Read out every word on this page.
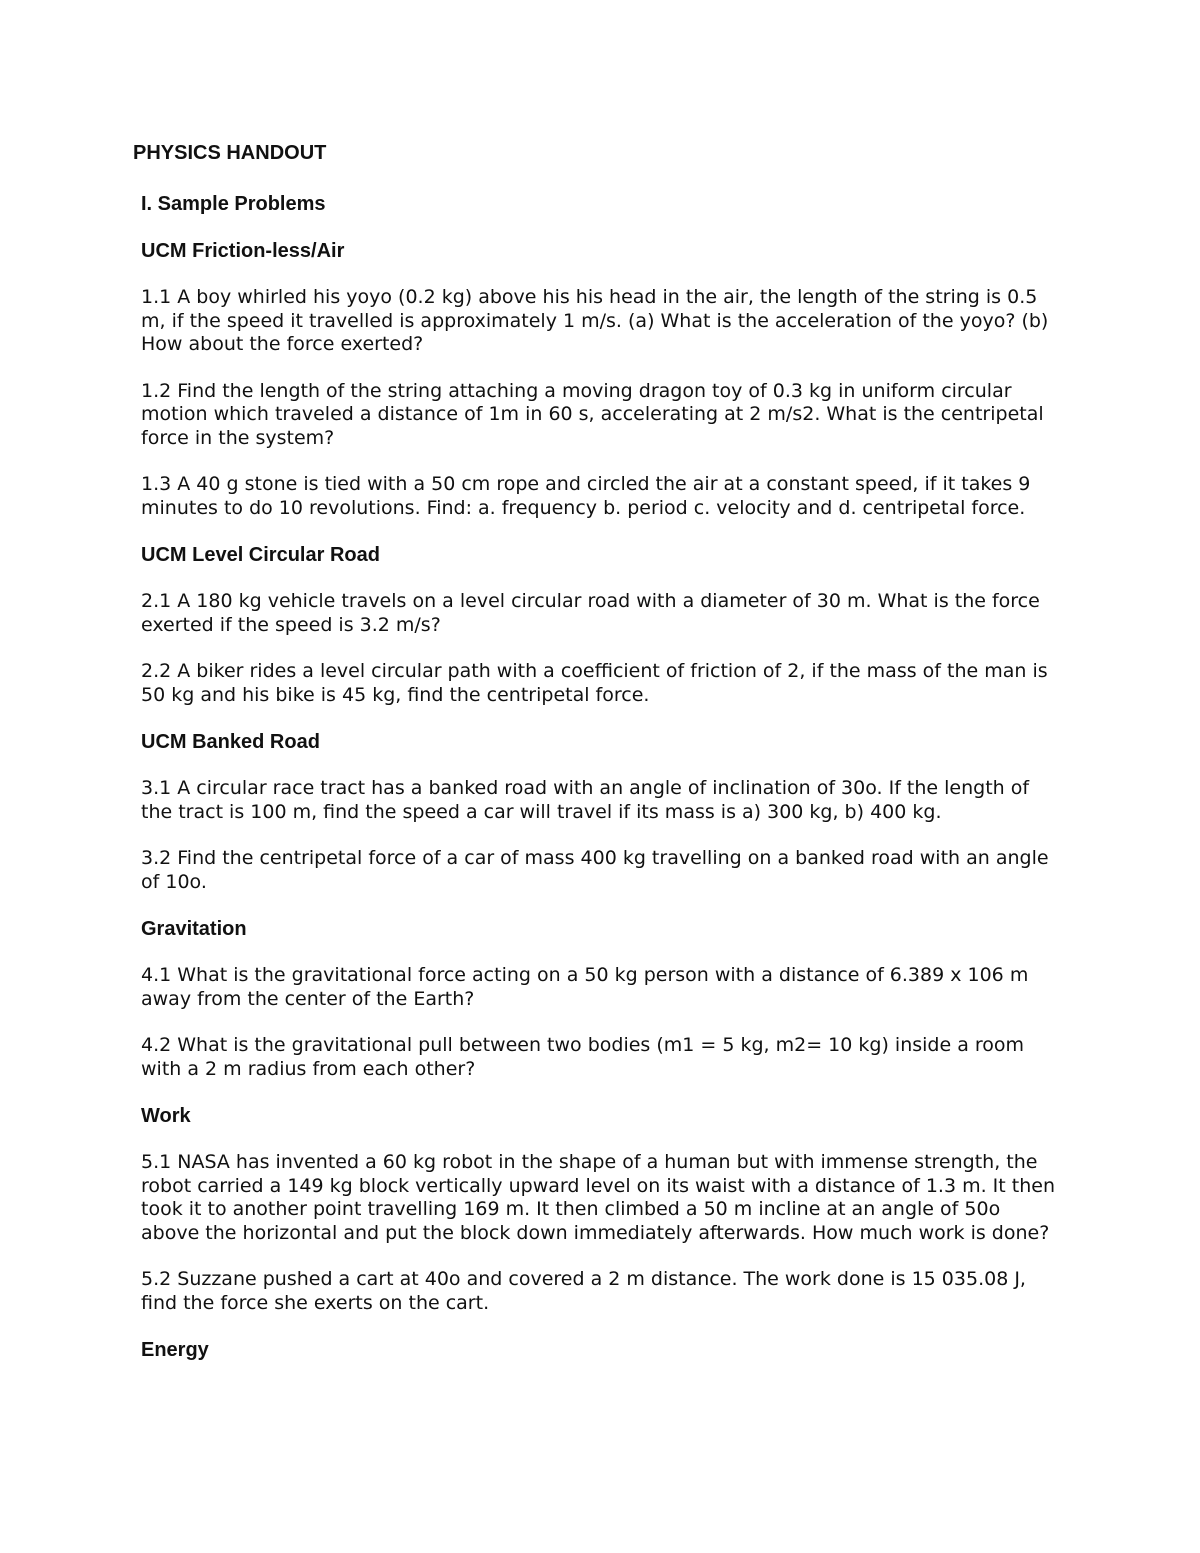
PHYSICS HANDOUT
I. Sample Problems
UCM Friction-less/Air
1.1 A boy whirled his yoyo (0.2 kg) above his his head in the air, the length of the string is 0.5 m, if the speed it travelled is approximately 1 m/s. (a) What is the acceleration of the yoyo? (b) How about the force exerted?
1.2 Find the length of the string attaching a moving dragon toy of 0.3 kg in uniform circular motion which traveled a distance of 1m in 60 s, accelerating at 2 m/s2. What is the centripetal force in the system?
1.3 A 40 g stone is tied with a 50 cm rope and circled the air at a constant speed, if it takes 9 minutes to do 10 revolutions. Find: a. frequency b. period c. velocity and d. centripetal force.
UCM Level Circular Road
2.1 A 180 kg vehicle travels on a level circular road with a diameter of 30 m. What is the force exerted if the speed is 3.2 m/s?
2.2 A biker rides a level circular path with a coefficient of friction of 2, if the mass of the man is 50 kg and his bike is 45 kg, find the centripetal force.
UCM Banked Road
3.1 A circular race tract has a banked road with an angle of inclination of 30o. If the length of the tract is 100 m, find the speed a car will travel if its mass is a) 300 kg, b) 400 kg.
3.2 Find the centripetal force of a car of mass 400 kg travelling on a banked road with an angle of 10o.
Gravitation
4.1 What is the gravitational force acting on a 50 kg person with a distance of 6.389 x 106 m away from the center of the Earth?
4.2 What is the gravitational pull between two bodies (m1 = 5 kg, m2= 10 kg) inside a room with a 2 m radius from each other?
Work
5.1 NASA has invented a 60 kg robot in the shape of a human but with immense strength, the robot carried a 149 kg block vertically upward level on its waist with a distance of 1.3 m. It then took it to another point travelling 169 m. It then climbed a 50 m incline at an angle of 50o above the horizontal and put the block down immediately afterwards. How much work is done?
5.2 Suzzane pushed a cart at 40o and covered a 2 m distance. The work done is 15 035.08 J, find the force she exerts on the cart.
Energy
